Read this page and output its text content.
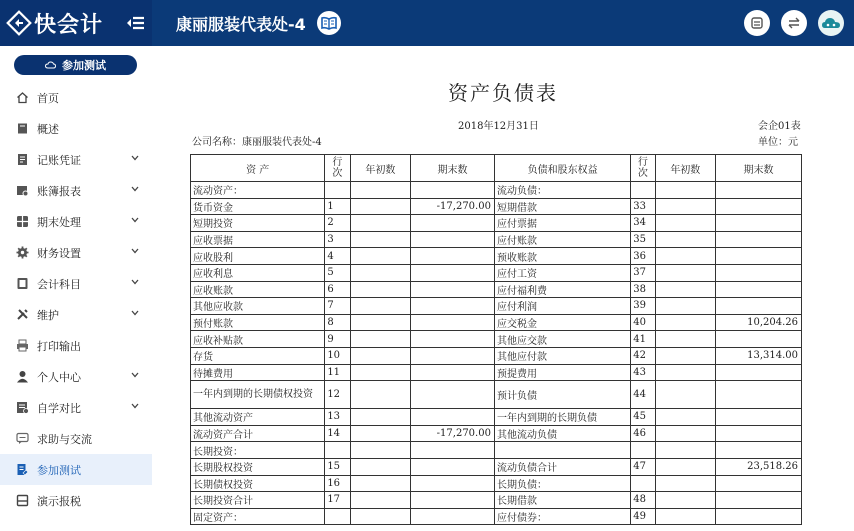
快会计	康丽服装代表处-4
参加测试
首页
概述
记账凭证
账簿报表
期末处理
财务设置
会计科目
维护
打印输出
个人中心
自学对比
求助与交流
参加测试
演示报税
资产负债表
2018年12月31日	会企01表
公司名称：康丽服装代表处-4	单位：元
资 产	行次	年初数	期末数	负债和股东权益	行次	年初数	期末数
流动资产：				流动负债：			
货币资金	1		-17,270.00	短期借款	33		
短期投资	2			应付票据	34		
应收票据	3			应付账款	35		
应收股利	4			预收账款	36		
应收利息	5			应付工资	37		
应收账款	6			应付福利费	38		
其他应收款	7			应付利润	39		
预付账款	8			应交税金	40		10,204.26
应收补贴款	9			其他应交款	41		
存货	10			其他应付款	42		13,314.00
待摊费用	11			预提费用	43		
一年内到期的长期债权投资	12			预计负债	44		
其他流动资产	13			一年内到期的长期负债	45		
流动资产合计	14		-17,270.00	其他流动负债	46		
长期投资：							
长期股权投资	15			流动负债合计	47		23,518.26
长期债权投资	16			长期负债：			
长期投资合计	17			长期借款	48		
固定资产：				应付债券：	49		
